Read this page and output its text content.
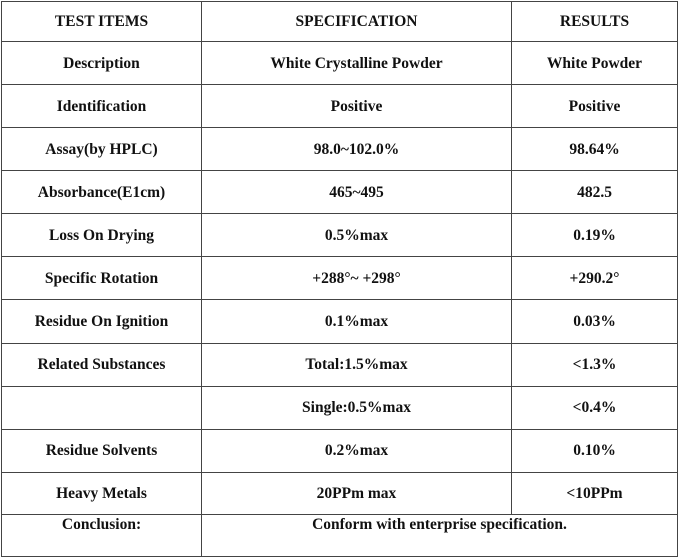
TEST ITEMS	SPECIFICATION	RESULTS
Description	White Crystalline Powder	White Powder
Identification	Positive	Positive
Assay(by HPLC)	98.0~102.0%	98.64%
Absorbance(E1cm)	465~495	482.5
Loss On Drying	0.5%max	0.19%
Specific Rotation	+288°~ +298°	+290.2°
Residue On Ignition	0.1%max	0.03%
Related Substances	Total:1.5%max	<1.3%
	Single:0.5%max	<0.4%
Residue Solvents	0.2%max	0.10%
Heavy Metals	20PPm max	<10PPm
Conclusion:	Conform with enterprise specification.	
